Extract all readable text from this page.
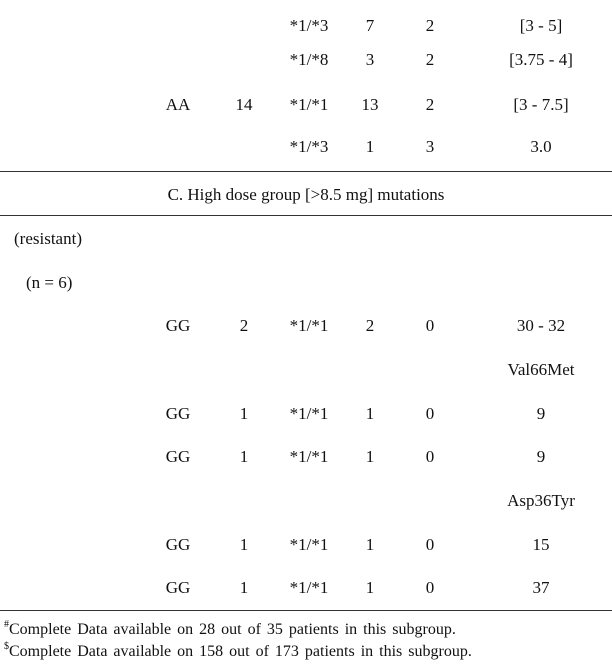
*1/*3 7	2	[3 - 5]
*1/*8 3	2	[3.75 - 4]
AA	14 *1/*1 13	2	[3 - 7.5]
*1/*3 1	3	3.0
C. High dose group [>8.5 mg] mutations
(resistant)
(n = 6)
GG	2 *1/*1 2	0	30 - 32
Val66Met
GG	1 *1/*1 1	0	9
GG	1 *1/*1 1	0	9
Asp36Tyr
GG	1 *1/*1 1	0	15
GG	1 *1/*1 1	0	37
#Complete Data available on 28 out of 35 patients in this subgroup.
$Complete Data available on 158 out of 173 patients in this subgroup.
